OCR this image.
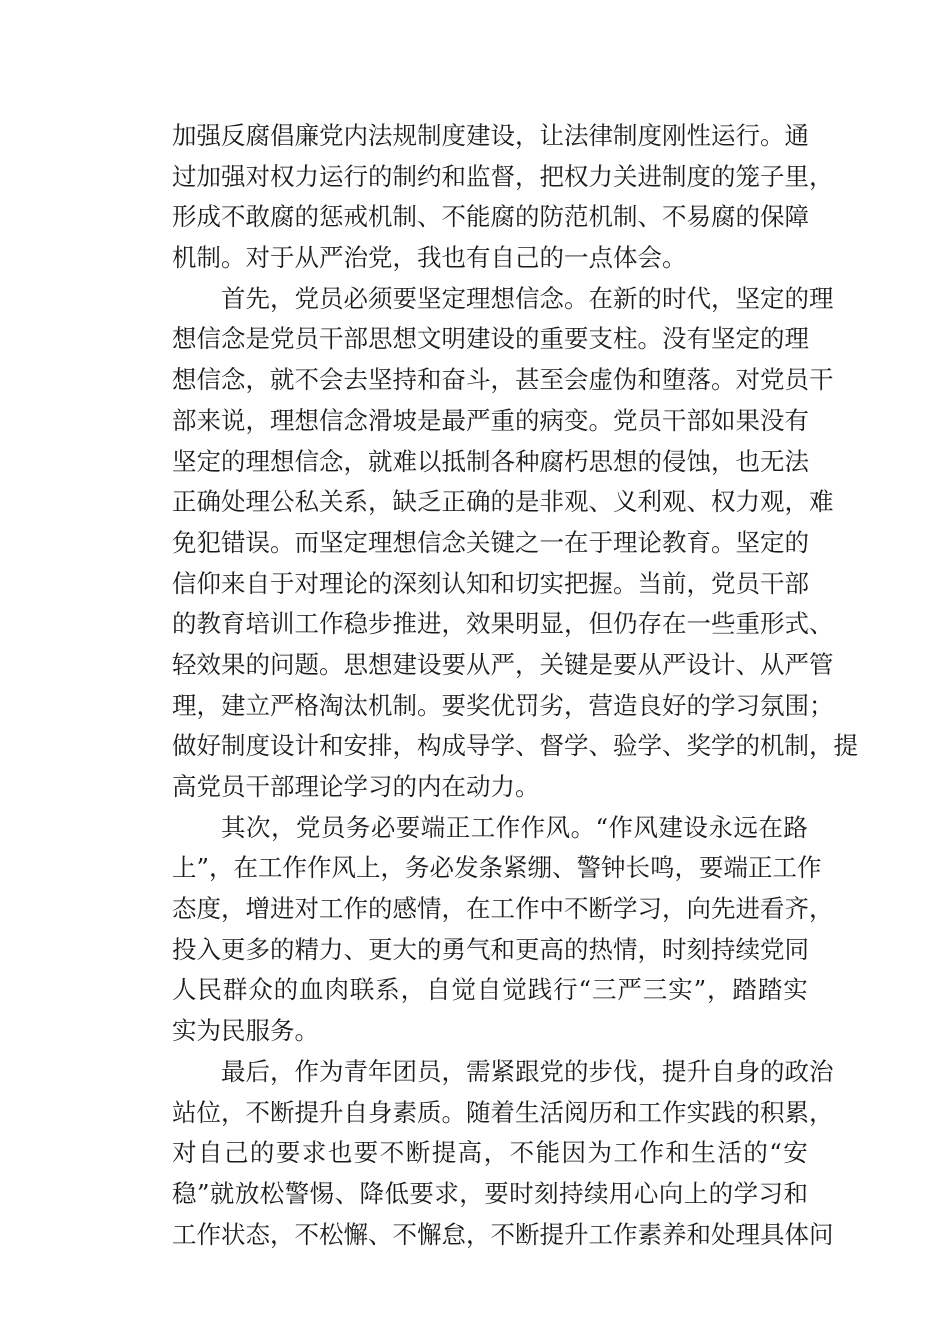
加 强 反 腐 倡 廉 党 内 法 规 制 度 建 设 ， 让 法 律 制 度 刚 性 运 行 。 通
过 加 强 对 权 力 运 行 的 制 约 和 监 督 ， 把 权 力 关 进 制 度 的 笼 子 里 ，
形 成 不 敢 腐 的 惩 戒 机 制 、 不 能 腐 的 防 范 机 制 、 不 易 腐 的 保 障
机制。对于从严治党，我也有自己的一点体会。
首 先 ， 党 员 必 须 要 坚 定 理 想 信 念 。 在 新 的 时 代 ， 坚 定 的 理
想 信 念 是 党 员 干 部 思 想 文 明 建 设 的 重 要 支 柱 。 没 有 坚 定 的 理
想 信 念 ， 就 不 会 去 坚 持 和 奋 斗 ， 甚 至 会 虚 伪 和 堕 落 。 对 党 员 干
部 来 说 ， 理 想 信 念 滑 坡 是 最 严 重 的 病 变 。 党 员 干 部 如 果 没 有
坚 定 的 理 想 信 念 ， 就 难 以 抵 制 各 种 腐 朽 思 想 的 侵 蚀 ， 也 无 法
正 确 处 理 公 私 关 系 ， 缺 乏 正 确 的 是 非 观 、 义 利 观 、 权 力 观 ， 难
免 犯 错 误 。 而 坚 定 理 想 信 念 关 键 之 一 在 于 理 论 教 育 。 坚 定 的
信 仰 来 自 于 对 理 论 的 深 刻 认 知 和 切 实 把 握 。 当 前 ， 党 员 干 部
的 教 育 培 训 工 作 稳 步 推 进 ， 效 果 明 显 ， 但 仍 存 在 一 些 重 形 式 、
轻 效 果 的 问 题 。 思 想 建 设 要 从 严 ， 关 键 是 要 从 严 设 计 、 从 严 管
理 ， 建 立 严 格 淘 汰 机 制 。 要 奖 优 罚 劣 ， 营 造 良 好 的 学 习 氛 围 ；
做 好 制 度 设 计 和 安 排 ， 构 成 导 学 、 督 学 、 验 学 、 奖 学 的 机 制 ， 提
高党员干部理论学习的内在动力。
其 次 ， 党 员 务 必 要 端 正 工 作 作 风 。 “ 作 风 建 设 永 远 在 路
上 ” ， 在 工 作 作 风 上 ， 务 必 发 条 紧 绷 、 警 钟 长 鸣 ， 要 端 正 工 作
态 度 ， 增 进 对 工 作 的 感 情 ， 在 工 作 中 不 断 学 习 ， 向 先 进 看 齐 ，
投 入 更 多 的 精 力 、 更 大 的 勇 气 和 更 高 的 热 情 ， 时 刻 持 续 党 同
人 民 群 众 的 血 肉 联 系 ， 自 觉 自 觉 践 行 “ 三 严 三 实 ” ， 踏 踏 实
实为民服务。
最 后 ， 作 为 青 年 团 员 ， 需 紧 跟 党 的 步 伐 ， 提 升 自 身 的 政 治
站 位 ， 不 断 提 升 自 身 素 质 。 随 着 生 活 阅 历 和 工 作 实 践 的 积 累 ，
对 自 己 的 要 求 也 要 不 断 提 高 ， 不 能 因 为 工 作 和 生 活 的 “ 安
稳 ” 就 放 松 警 惕 、 降 低 要 求 ， 要 时 刻 持 续 用 心 向 上 的 学 习 和
工 作 状 态 ， 不 松 懈 、 不 懈 怠 ， 不 断 提 升 工 作 素 养 和 处 理 具 体 问
